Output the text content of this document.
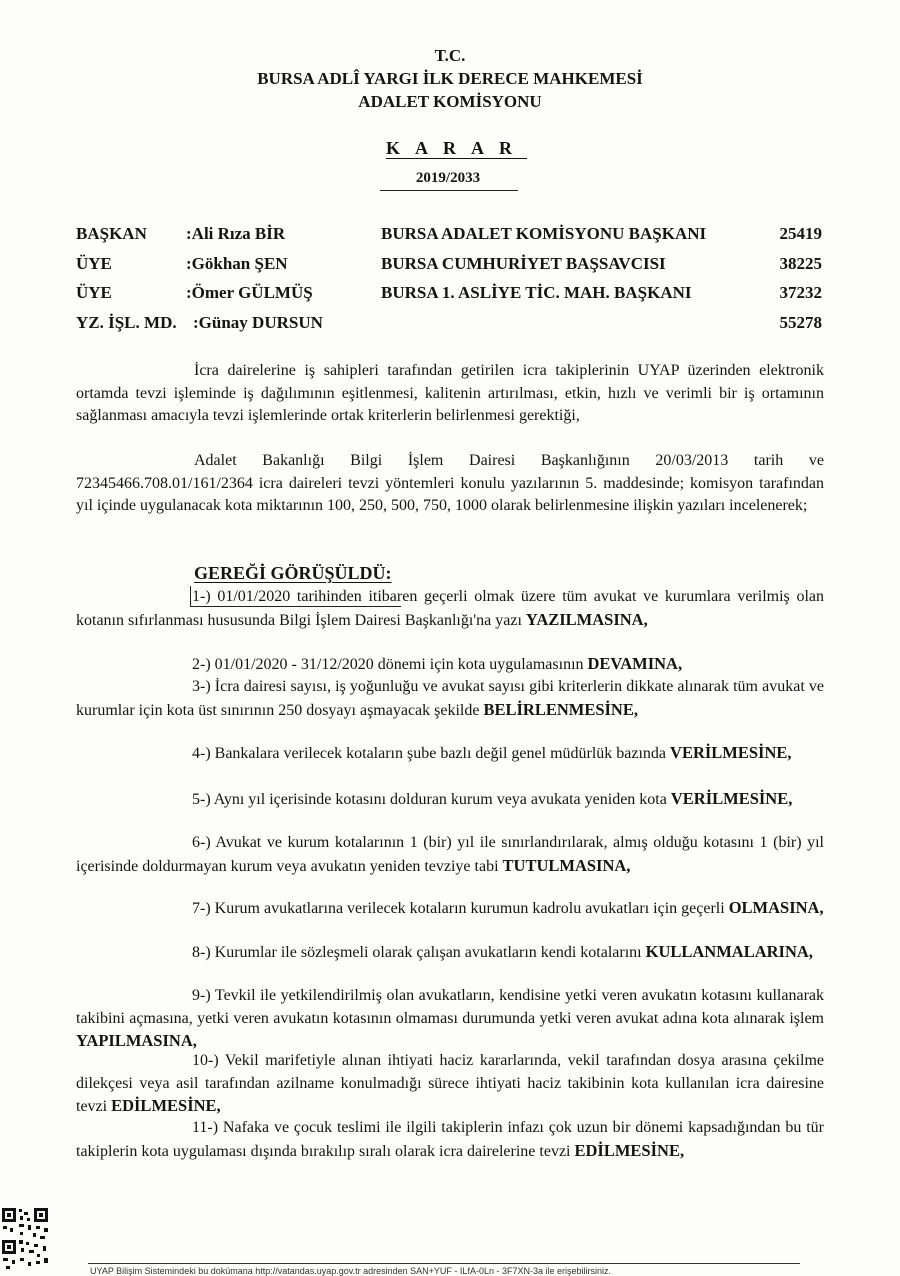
T.C.
BURSA ADLÎ YARGI İLK DERECE MAHKEMESİ
ADALET KOMİSYONU
KARAR
2019/2033
BAŞKAN :Ali Rıza BİR	BURSA ADALET KOMİSYONU BAŞKANI	25419
ÜYE	:Gökhan ŞEN	BURSA CUMHURİYET BAŞSAVCISI	38225
ÜYE	:Ömer GÜLMÜŞ	BURSA 1. ASLİYE TİC. MAH. BAŞKANI	37232
YZ. İŞL. MD. :Günay DURSUN	55278

İcra dairelerine iş sahipleri tarafından getirilen icra takiplerinin UYAP üzerinden elektronik ortamda tevzi işleminde iş dağılımının eşitlenmesi, kalitenin artırılması, etkin, hızlı ve verimli bir iş ortamının sağlanması amacıyla tevzi işlemlerinde ortak kriterlerin belirlenmesi gerektiği,

Adalet Bakanlığı Bilgi İşlem Dairesi Başkanlığının 20/03/2013 tarih ve 72345466.708.01/161/2364 icra daireleri tevzi yöntemleri konulu yazılarının 5. maddesinde; komisyon tarafından yıl içinde uygulanacak kota miktarının 100, 250, 500, 750, 1000 olarak belirlenmesine ilişkin yazıları incelenerek;

GEREĞİ GÖRÜŞÜLDÜ:

1-) 01/01/2020 tarihinden itibaren geçerli olmak üzere tüm avukat ve kurumlara verilmiş olan kotanın sıfırlanması hususunda Bilgi İşlem Dairesi Başkanlığı'na yazı YAZILMASINA,

2-) 01/01/2020 - 31/12/2020 dönemi için kota uygulamasının DEVAMINA,

3-) İcra dairesi sayısı, iş yoğunluğu ve avukat sayısı gibi kriterlerin dikkate alınarak tüm avukat ve kurumlar için kota üst sınırının 250 dosyayı aşmayacak şekilde BELİRLENMESİNE,

4-) Bankalara verilecek kotaların şube bazlı değil genel müdürlük bazında VERİLMESİNE,

5-) Aynı yıl içerisinde kotasını dolduran kurum veya avukata yeniden kota VERİLMESİNE,

6-) Avukat ve kurum kotalarının 1 (bir) yıl ile sınırlandırılarak, almış olduğu kotasını 1 (bir) yıl içerisinde doldurmayan kurum veya avukatın yeniden tevziye tabi TUTULMASINA,

7-) Kurum avukatlarına verilecek kotaların kurumun kadrolu avukatları için geçerli OLMASINA,

8-) Kurumlar ile sözleşmeli olarak çalışan avukatların kendi kotalarını KULLANMALARINA,

9-) Tevkil ile yetkilendirilmiş olan avukatların, kendisine yetki veren avukatın kotasını kullanarak takibini açmasına, yetki veren avukatın kotasının olmaması durumunda yetki veren avukat adına kota alınarak işlem YAPILMASINA,

10-) Vekil marifetiyle alınan ihtiyati haciz kararlarında, vekil tarafından dosya arasına çekilme dilekçesi veya asil tarafından azilname konulmadığı sürece ihtiyati haciz takibinin kota kullanılan icra dairesine tevzi EDİLMESİNE,

11-) Nafaka ve çocuk teslimi ile ilgili takiplerin infazı çok uzun bir dönemi kapsadığından bu tür takiplerin kota uygulaması dışında bırakılıp sıralı olarak icra dairelerine tevzi EDİLMESİNE,

UYAP Bilişim Sistemindeki bu dokümana http://vatandas.uyap.gov.tr adresinden SAN+YUF - ILfA-0Ln - 3F7XN-3a ile erişebilirsiniz.
